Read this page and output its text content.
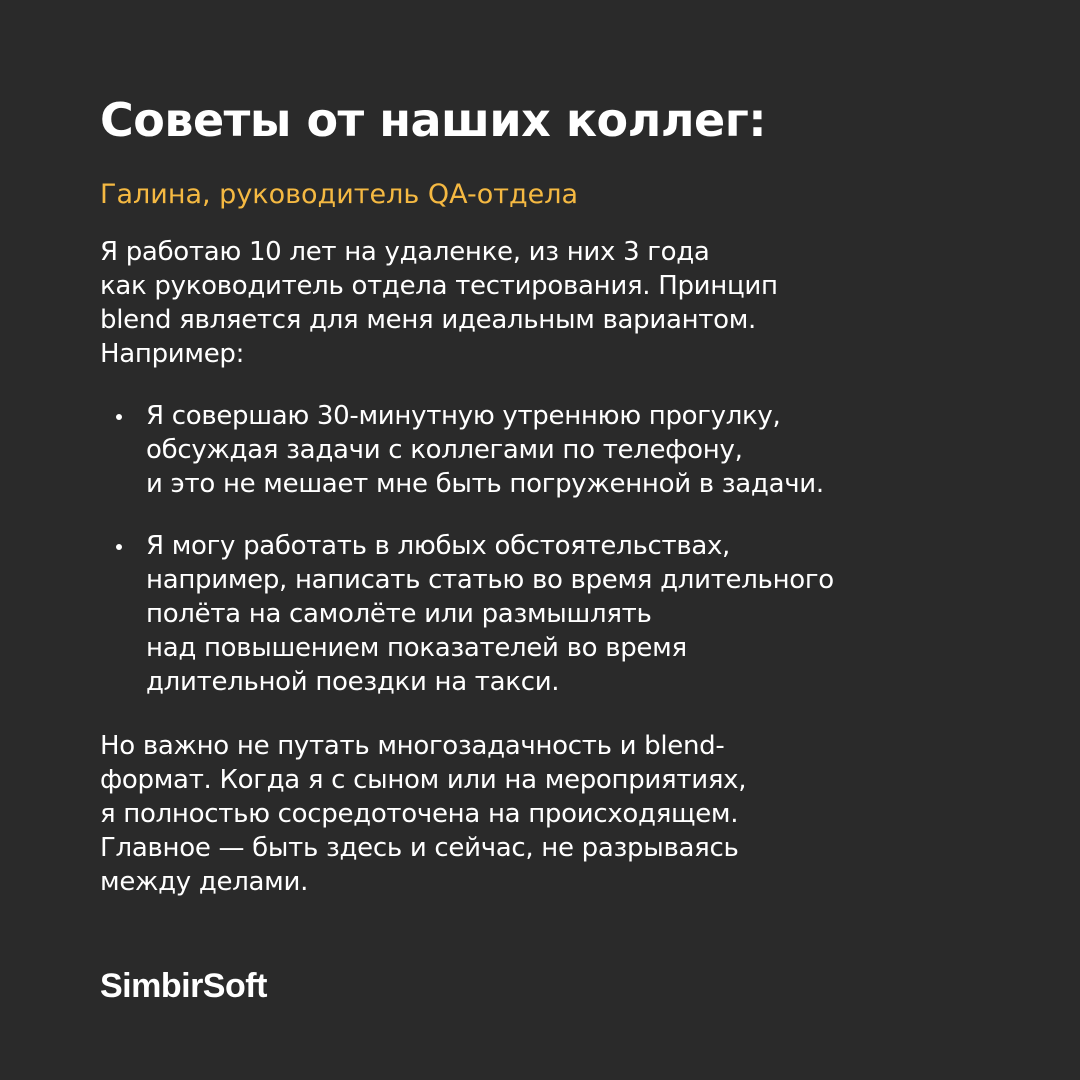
Советы от наших коллег:

Галина, руководитель QA-отдела

Я работаю 10 лет на удаленке, из них 3 года
как руководитель отдела тестирования. Принцип
blend является для меня идеальным вариантом.
Например:

Я совершаю 30-минутную утреннюю прогулку,
обсуждая задачи с коллегами по телефону,
и это не мешает мне быть погруженной в задачи.
Я могу работать в любых обстоятельствах,
например, написать статью во время длительного
полёта на самолёте или размышлять
над повышением показателей во время
длительной поездки на такси.

Но важно не путать многозадачность и blend-
формат. Когда я с сыном или на мероприятиях,
я полностью сосредоточена на происходящем.
Главное — быть здесь и сейчас, не разрываясь
между делами.

SimbirSoft
